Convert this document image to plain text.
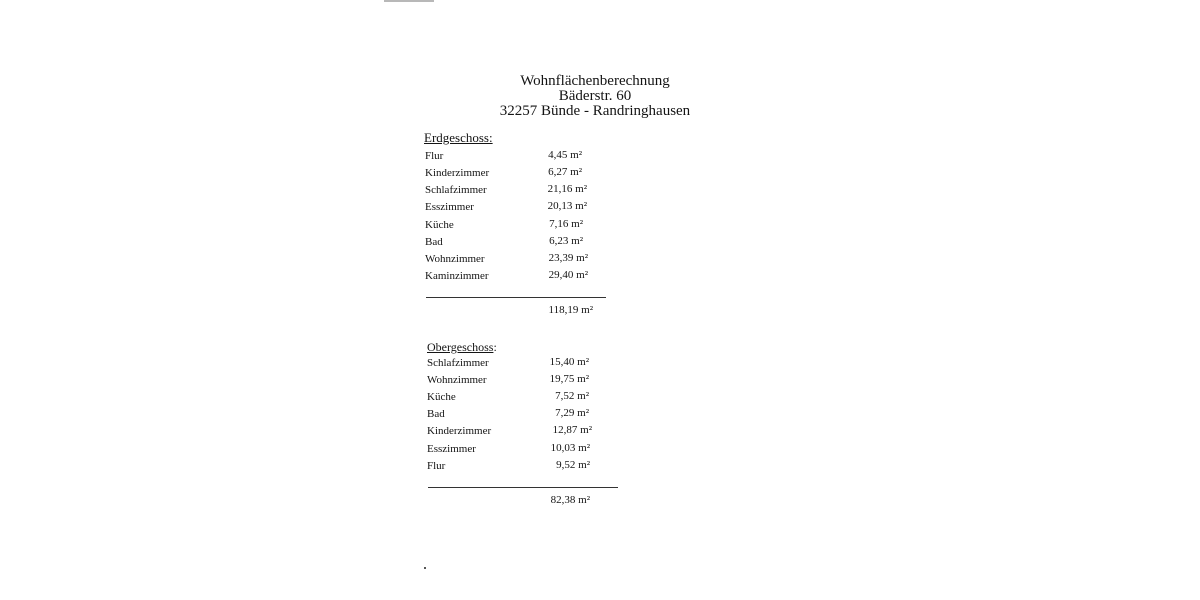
Wohnflächenberechnung
Bäderstr. 60
32257 Bünde - Randringhausen
Erdgeschoss:
Flur	4,45 m²
Kinderzimmer	6,27 m²
Schlafzimmer	21,16 m²
Esszimmer	20,13 m²
Küche	7,16 m²
Bad	6,23 m²
Wohnzimmer	23,39 m²
Kaminzimmer	29,40 m²
118,19 m²
Obergeschoss:
Schlafzimmer	15,40 m²
Wohnzimmer	19,75 m²
Küche	7,52 m²
Bad	7,29 m²
Kinderzimmer	12,87 m²
Esszimmer	10,03 m²
Flur	9,52 m²
82,38 m²
